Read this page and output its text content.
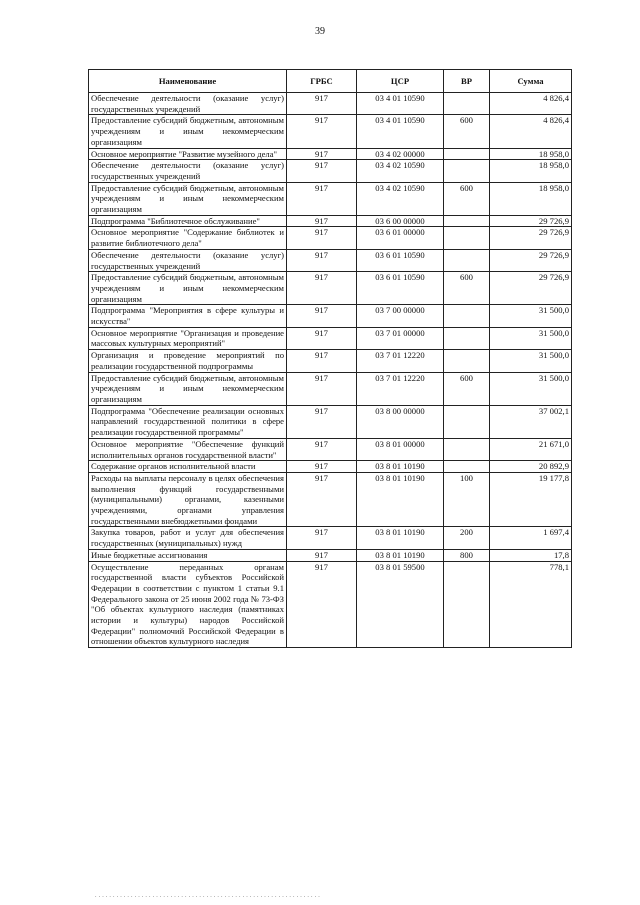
39
Наименование	ГРБС	ЦСР	ВР	Сумма
Обеспечение деятельности (оказание услуг) государственных учреждений	917	03 4 01 10590		4 826,4
Предоставление субсидий бюджетным, автономным учреждениям и иным некоммерческим организациям	917	03 4 01 10590	600	4 826,4
Основное мероприятие "Развитие музейного дела"	917	03 4 02 00000		18 958,0
Обеспечение деятельности (оказание услуг) государственных учреждений	917	03 4 02 10590		18 958,0
Предоставление субсидий бюджетным, автономным учреждениям и иным некоммерческим организациям	917	03 4 02 10590	600	18 958,0
Подпрограмма "Библиотечное обслуживание"	917	03 6 00 00000		29 726,9
Основное мероприятие "Содержание библиотек и развитие библиотечного дела"	917	03 6 01 00000		29 726,9
Обеспечение деятельности (оказание услуг) государственных учреждений	917	03 6 01 10590		29 726,9
Предоставление субсидий бюджетным, автономным учреждениям и иным некоммерческим организациям	917	03 6 01 10590	600	29 726,9
Подпрограмма "Мероприятия в сфере культуры и искусства"	917	03 7 00 00000		31 500,0
Основное мероприятие "Организация и проведение массовых культурных мероприятий"	917	03 7 01 00000		31 500,0
Организация и проведение мероприятий по реализации государственной подпрограммы	917	03 7 01 12220		31 500,0
Предоставление субсидий бюджетным, автономным учреждениям и иным некоммерческим организациям	917	03 7 01 12220	600	31 500,0
Подпрограмма "Обеспечение реализации основных направлений государственной политики в сфере реализации государственной программы"	917	03 8 00 00000		37 002,1
Основное мероприятие "Обеспечение функций исполнительных органов государственной власти"	917	03 8 01 00000		21 671,0
Содержание органов исполнительной власти	917	03 8 01 10190		20 892,9
Расходы на выплаты персоналу в целях обеспечения выполнения функций государственными (муниципальными) органами, казенными учреждениями, органами управления государственными внебюджетными фондами	917	03 8 01 10190	100	19 177,8
Закупка товаров, работ и услуг для обеспечения государственных (муниципальных) нужд	917	03 8 01 10190	200	1 697,4
Иные бюджетные ассигнования	917	03 8 01 10190	800	17,8
Осуществление переданных органам государственной власти субъектов Российской Федерации в соответствии с пунктом 1 статьи 9.1 Федерального закона от 25 июня 2002 года № 73-ФЗ "Об объектах культурного наследия (памятниках истории и культуры) народов Российской Федерации" полномочий Российской Федерации в отношении объектов культурного наследия	917	03 8 01 59500		778,1
. . . . . . . . . . . . . . . . . . . . . . . . . . . . . . . . . . . . . . . . . . . . . . . . . . . . . . . . . . . . . . .
